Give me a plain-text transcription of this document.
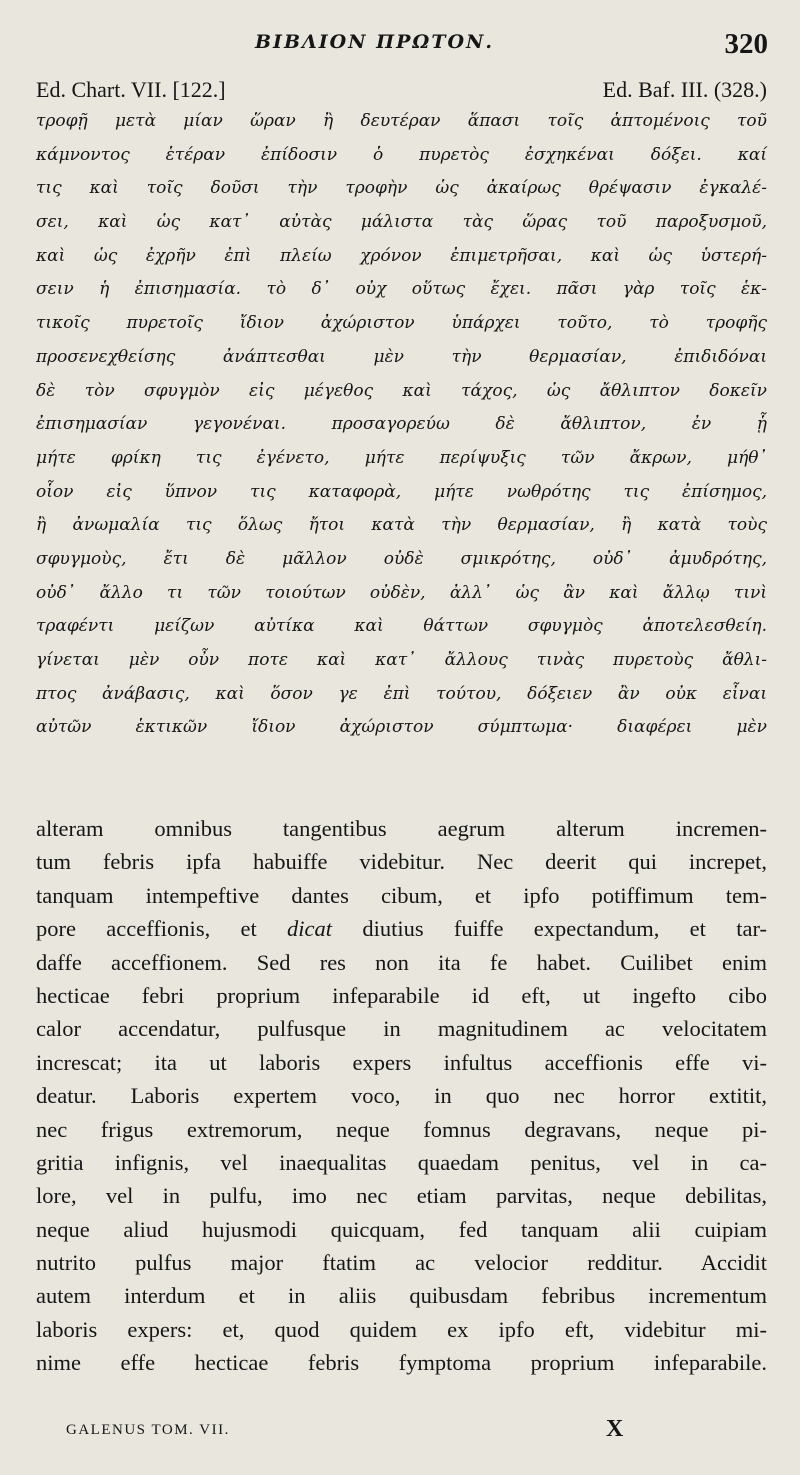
ΒΙΒΛΙΟΝ ΠΡΩΤΟΝ.	320
Ed. Chart. VII. [122.]	Ed. Baf. III. (328.)
τροφῇ μετὰ μίαν ὥραν ἢ δευτέραν ἅπασι τοῖς ἁπτομένοις τοῦ
κάμνοντος ἑτέραν ἐπίδοσιν ὁ πυρετὸς ἐσχηκέναι δόξει. καί
τις καὶ τοῖς δοῦσι τὴν τροφὴν ὡς ἀκαίρως θρέψασιν ἐγκαλέ-
σει, καὶ ὡς κατ᾽ αὐτὰς μάλιστα τὰς ὥρας τοῦ παροξυσμοῦ,
καὶ ὡς ἐχρῆν ἐπὶ πλείω χρόνον ἐπιμετρῆσαι, καὶ ὡς ὑστερή-
σειν ἡ ἐπισημασία. τὸ δ᾽ οὐχ οὕτως ἔχει. πᾶσι γὰρ τοῖς ἑκ-
τικοῖς πυρετοῖς ἴδιον ἀχώριστον ὑπάρχει τοῦτο, τὸ τροφῆς
προσενεχθείσης ἀνάπτεσθαι μὲν τὴν θερμασίαν, ἐπιδιδόναι
δὲ τὸν σφυγμὸν εἰς μέγεθος καὶ τάχος, ὡς ἄθλιπτον δοκεῖν
ἐπισημασίαν γεγονέναι. προσαγορεύω δὲ ἄθλιπτον, ἐν ᾗ
μήτε φρίκη τις ἐγένετο, μήτε περίψυξις τῶν ἄκρων, μήθ᾽
οἷον εἰς ὕπνον τις καταφορὰ, μήτε νωθρότης τις ἐπίσημος,
ἢ ἀνωμαλία τις ὅλως ἤτοι κατὰ τὴν θερμασίαν, ἢ κατὰ τοὺς
σφυγμοὺς, ἔτι δὲ μᾶλλον οὐδὲ σμικρότης, οὐδ᾽ ἀμυδρότης,
οὐδ᾽ ἄλλο τι τῶν τοιούτων οὐδὲν, ἀλλ᾽ ὡς ἂν καὶ ἄλλῳ τινὶ
τραφέντι μείζων αὐτίκα καὶ θάττων σφυγμὸς ἀποτελεσθείη.
γίνεται μὲν οὖν ποτε καὶ κατ᾽ ἄλλους τινὰς πυρετοὺς ἄθλι-
πτος ἀνάβασις, καὶ ὅσον γε ἐπὶ τούτου, δόξειεν ἂν οὐκ εἶναι
αὐτῶν ἑκτικῶν ἴδιον ἀχώριστον σύμπτωμα· διαφέρει μὲν
alteram omnibus tangentibus aegrum alterum incremen-
tum febris ipfa habuiffe videbitur. Nec deerit qui increpet,
tanquam intempeftive dantes cibum, et ipfo potiffimum tem-
pore acceffionis, et dicat diutius fuiffe expectandum, et tar-
daffe acceffionem. Sed res non ita fe habet. Cuilibet enim
hecticae febri proprium infeparabile id eft, ut ingefto cibo
calor accendatur, pulfusque in magnitudinem ac velocitatem
increscat; ita ut laboris expers infultus acceffionis effe vi-
deatur. Laboris expertem voco, in quo nec horror extitit,
nec frigus extremorum, neque fomnus degravans, neque pi-
gritia infignis, vel inaequalitas quaedam penitus, vel in ca-
lore, vel in pulfu, imo nec etiam parvitas, neque debilitas,
neque aliud hujusmodi quicquam, fed tanquam alii cuipiam
nutrito pulfus major ftatim ac velocior redditur. Accidit
autem interdum et in aliis quibusdam febribus incrementum
laboris expers: et, quod quidem ex ipfo eft, videbitur mi-
nime effe hecticae febris fymptoma proprium infeparabile.
GALENUS TOM. VII.	X
